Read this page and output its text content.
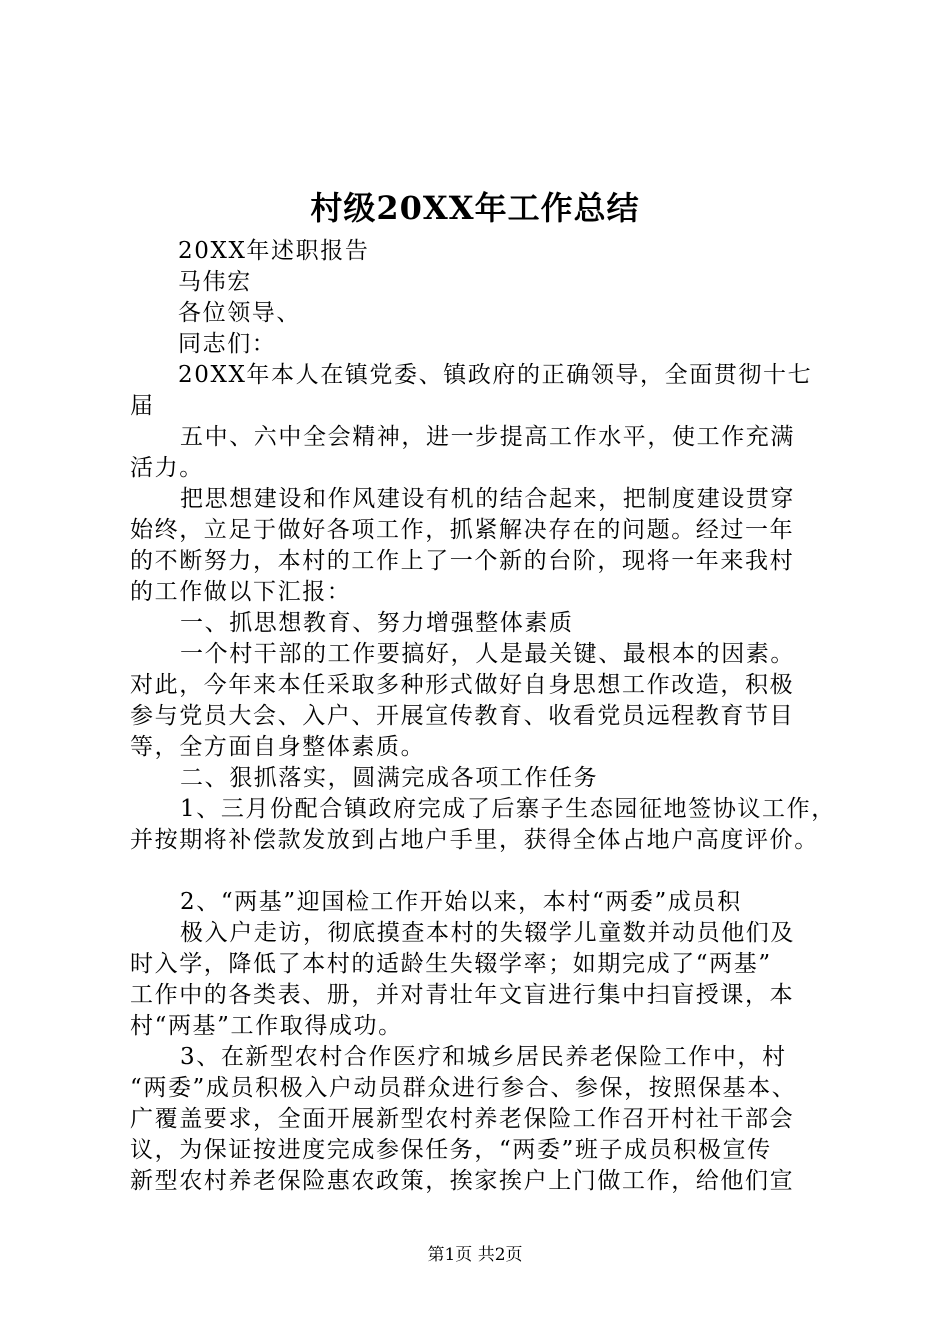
村级20XX年工作总结
20XX年述职报告
马伟宏
各位领导、
同志们：
20XX年本人在镇党委、镇政府的正确领导，全面贯彻十七
届
五中、六中全会精神，进一步提高工作水平，使工作充满
活力。
把思想建设和作风建设有机的结合起来，把制度建设贯穿
始终，立足于做好各项工作，抓紧解决存在的问题。经过一年
的不断努力，本村的工作上了一个新的台阶，现将一年来我村
的工作做以下汇报：
一、抓思想教育、努力增强整体素质
一个村干部的工作要搞好，人是最关键、最根本的因素。
对此，今年来本任采取多种形式做好自身思想工作改造，积极
参与党员大会、入户、开展宣传教育、收看党员远程教育节目
等，全方面自身整体素质。
二、狠抓落实，圆满完成各项工作任务
1、三月份配合镇政府完成了后寨子生态园征地签协议工作，
并按期将补偿款发放到占地户手里，获得全体占地户高度评价。
2、“两基”迎国检工作开始以来，本村“两委”成员积
极入户走访，彻底摸查本村的失辍学儿童数并动员他们及
时入学，降低了本村的适龄生失辍学率；如期完成了“两基”
工作中的各类表、册，并对青壮年文盲进行集中扫盲授课，本
村“两基”工作取得成功。
3、在新型农村合作医疗和城乡居民养老保险工作中，村
“两委”成员积极入户动员群众进行参合、参保，按照保基本、
广覆盖要求，全面开展新型农村养老保险工作召开村社干部会
议，为保证按进度完成参保任务，“两委”班子成员积极宣传
新型农村养老保险惠农政策，挨家挨户上门做工作，给他们宣
第1页 共2页
